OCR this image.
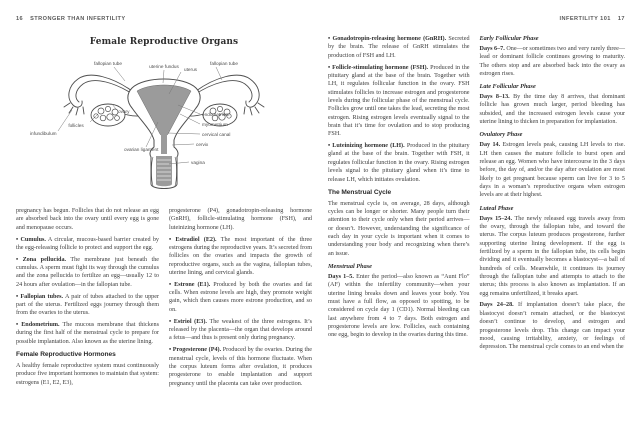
16 STRONGER THAN INFERTILITY
Female Reproductive Organs
uterine fundus
fallopian tube	fallopian tube
uterus
ovary
follicles
infundibulum
ovarian ligament
endometrium
myometrium
cervical canal
cervix
vagina

pregnancy has begun. Follicles that do not release an egg are absorbed back into the ovary until every egg is gone and menopause occurs.

• Cumulus. A circular, mucous-based barrier created by the egg-releasing follicle to protect and support the egg.

• Zona pellucida. The membrane just beneath the cumulus. A sperm must fight its way through the cumulus and the zona pellucida to fertilize an egg—usually 12 to 24 hours after ovulation—in the fallopian tube.

• Fallopian tubes. A pair of tubes attached to the upper part of the uterus. Fertilized eggs journey through them from the ovaries to the uterus.

• Endometrium. The mucous membrane that thickens during the first half of the menstrual cycle to prepare for possible implantation. Also known as the uterine lining.

Female Reproductive Hormones

A healthy female reproductive system must continuously produce five important hormones to maintain that system: estrogens (E1, E2, E3),

progesterone (P4), gonadotropin-releasing hormone (GnRH), follicle-stimulating hormone (FSH), and luteinizing hormone (LH).

• Estradiol (E2). The most important of the three estrogens during the reproductive years. It’s secreted from follicles on the ovaries and impacts the growth of reproductive organs, such as the vagina, fallopian tubes, uterine lining, and cervical glands.

• Estrone (E1). Produced by both the ovaries and fat cells. When estrone levels are high, they promote weight gain, which then causes more estrone production, and so on.

• Estriol (E3). The weakest of the three estrogens. It’s released by the placenta—the organ that develops around a fetus—and thus is present only during pregnancy.

• Progesterone (P4). Produced by the ovaries. During the menstrual cycle, levels of this hormone fluctuate. When the corpus luteum forms after ovulation, it produces progesterone to enable implantation and support pregnancy until the placenta can take over production.

INFERTILITY 101 17

• Gonadotropin-releasing hormone (GnRH). Secreted by the brain. The release of GnRH stimulates the production of FSH and LH.

• Follicle-stimulating hormone (FSH). Produced in the pituitary gland at the base of the brain. Together with LH, it regulates follicular function in the ovary. FSH stimulates follicles to increase estrogen and progesterone levels during the follicular phase of the menstrual cycle. Follicles grow until one takes the lead, secreting the most estrogen. Rising estrogen levels eventually signal to the brain that it’s time for ovulation and to stop producing FSH.

• Luteinizing hormone (LH). Produced in the pituitary gland at the base of the brain. Together with FSH, it regulates follicular function in the ovary. Rising estrogen levels signal to the pituitary gland when it’s time to release LH, which initiates ovulation.

The Menstrual Cycle

The menstrual cycle is, on average, 28 days, although cycles can be longer or shorter. Many people turn their attention to their cycle only when their period arrives—or doesn’t. However, understanding the significance of each day in your cycle is important when it comes to understanding your body and recognizing when there’s an issue.

Menstrual Phase

Days 1–5. Enter the period—also known as “Aunt Flo” (AF) within the infertility community—when your uterine lining breaks down and leaves your body. You must have a full flow, as opposed to spotting, to be considered on cycle day 1 (CD1). Normal bleeding can last anywhere from 4 to 7 days. Both estrogen and progesterone levels are low. Follicles, each containing one egg, begin to develop in the ovaries during this time.

Early Follicular Phase

Days 6–7. One—or sometimes two and very rarely three—lead or dominant follicle continues growing to maturity. The others stop and are absorbed back into the ovary as estrogen rises.

Late Follicular Phase

Days 8–13. By the time day 8 arrives, that dominant follicle has grown much larger, period bleeding has subsided, and the increased estrogen levels cause your uterine lining to thicken in preparation for implantation.

Ovulatory Phase

Day 14. Estrogen levels peak, causing LH levels to rise. LH then causes the mature follicle to burst open and release an egg. Women who have intercourse in the 3 days before, the day of, and/or the day after ovulation are most likely to get pregnant because sperm can live for 3 to 5 days in a woman’s reproductive organs when estrogen levels are at their highest.

Luteal Phase

Days 15–24. The newly released egg travels away from the ovary, through the fallopian tube, and toward the uterus. The corpus luteum produces progesterone, further supporting uterine lining development. If the egg is fertilized by a sperm in the fallopian tube, its cells begin dividing and it eventually becomes a blastocyst—a ball of hundreds of cells. Meanwhile, it continues its journey through the fallopian tube and attempts to attach to the uterus; this process is also known as implantation. If an egg remains unfertilized, it breaks apart.

Days 24–28. If implantation doesn’t take place, the blastocyst doesn’t remain attached, or the blastocyst doesn’t continue to develop, and estrogen and progesterone levels drop. This change can impact your mood, causing irritability, anxiety, or feelings of depression. The menstrual cycle comes to an end when the
